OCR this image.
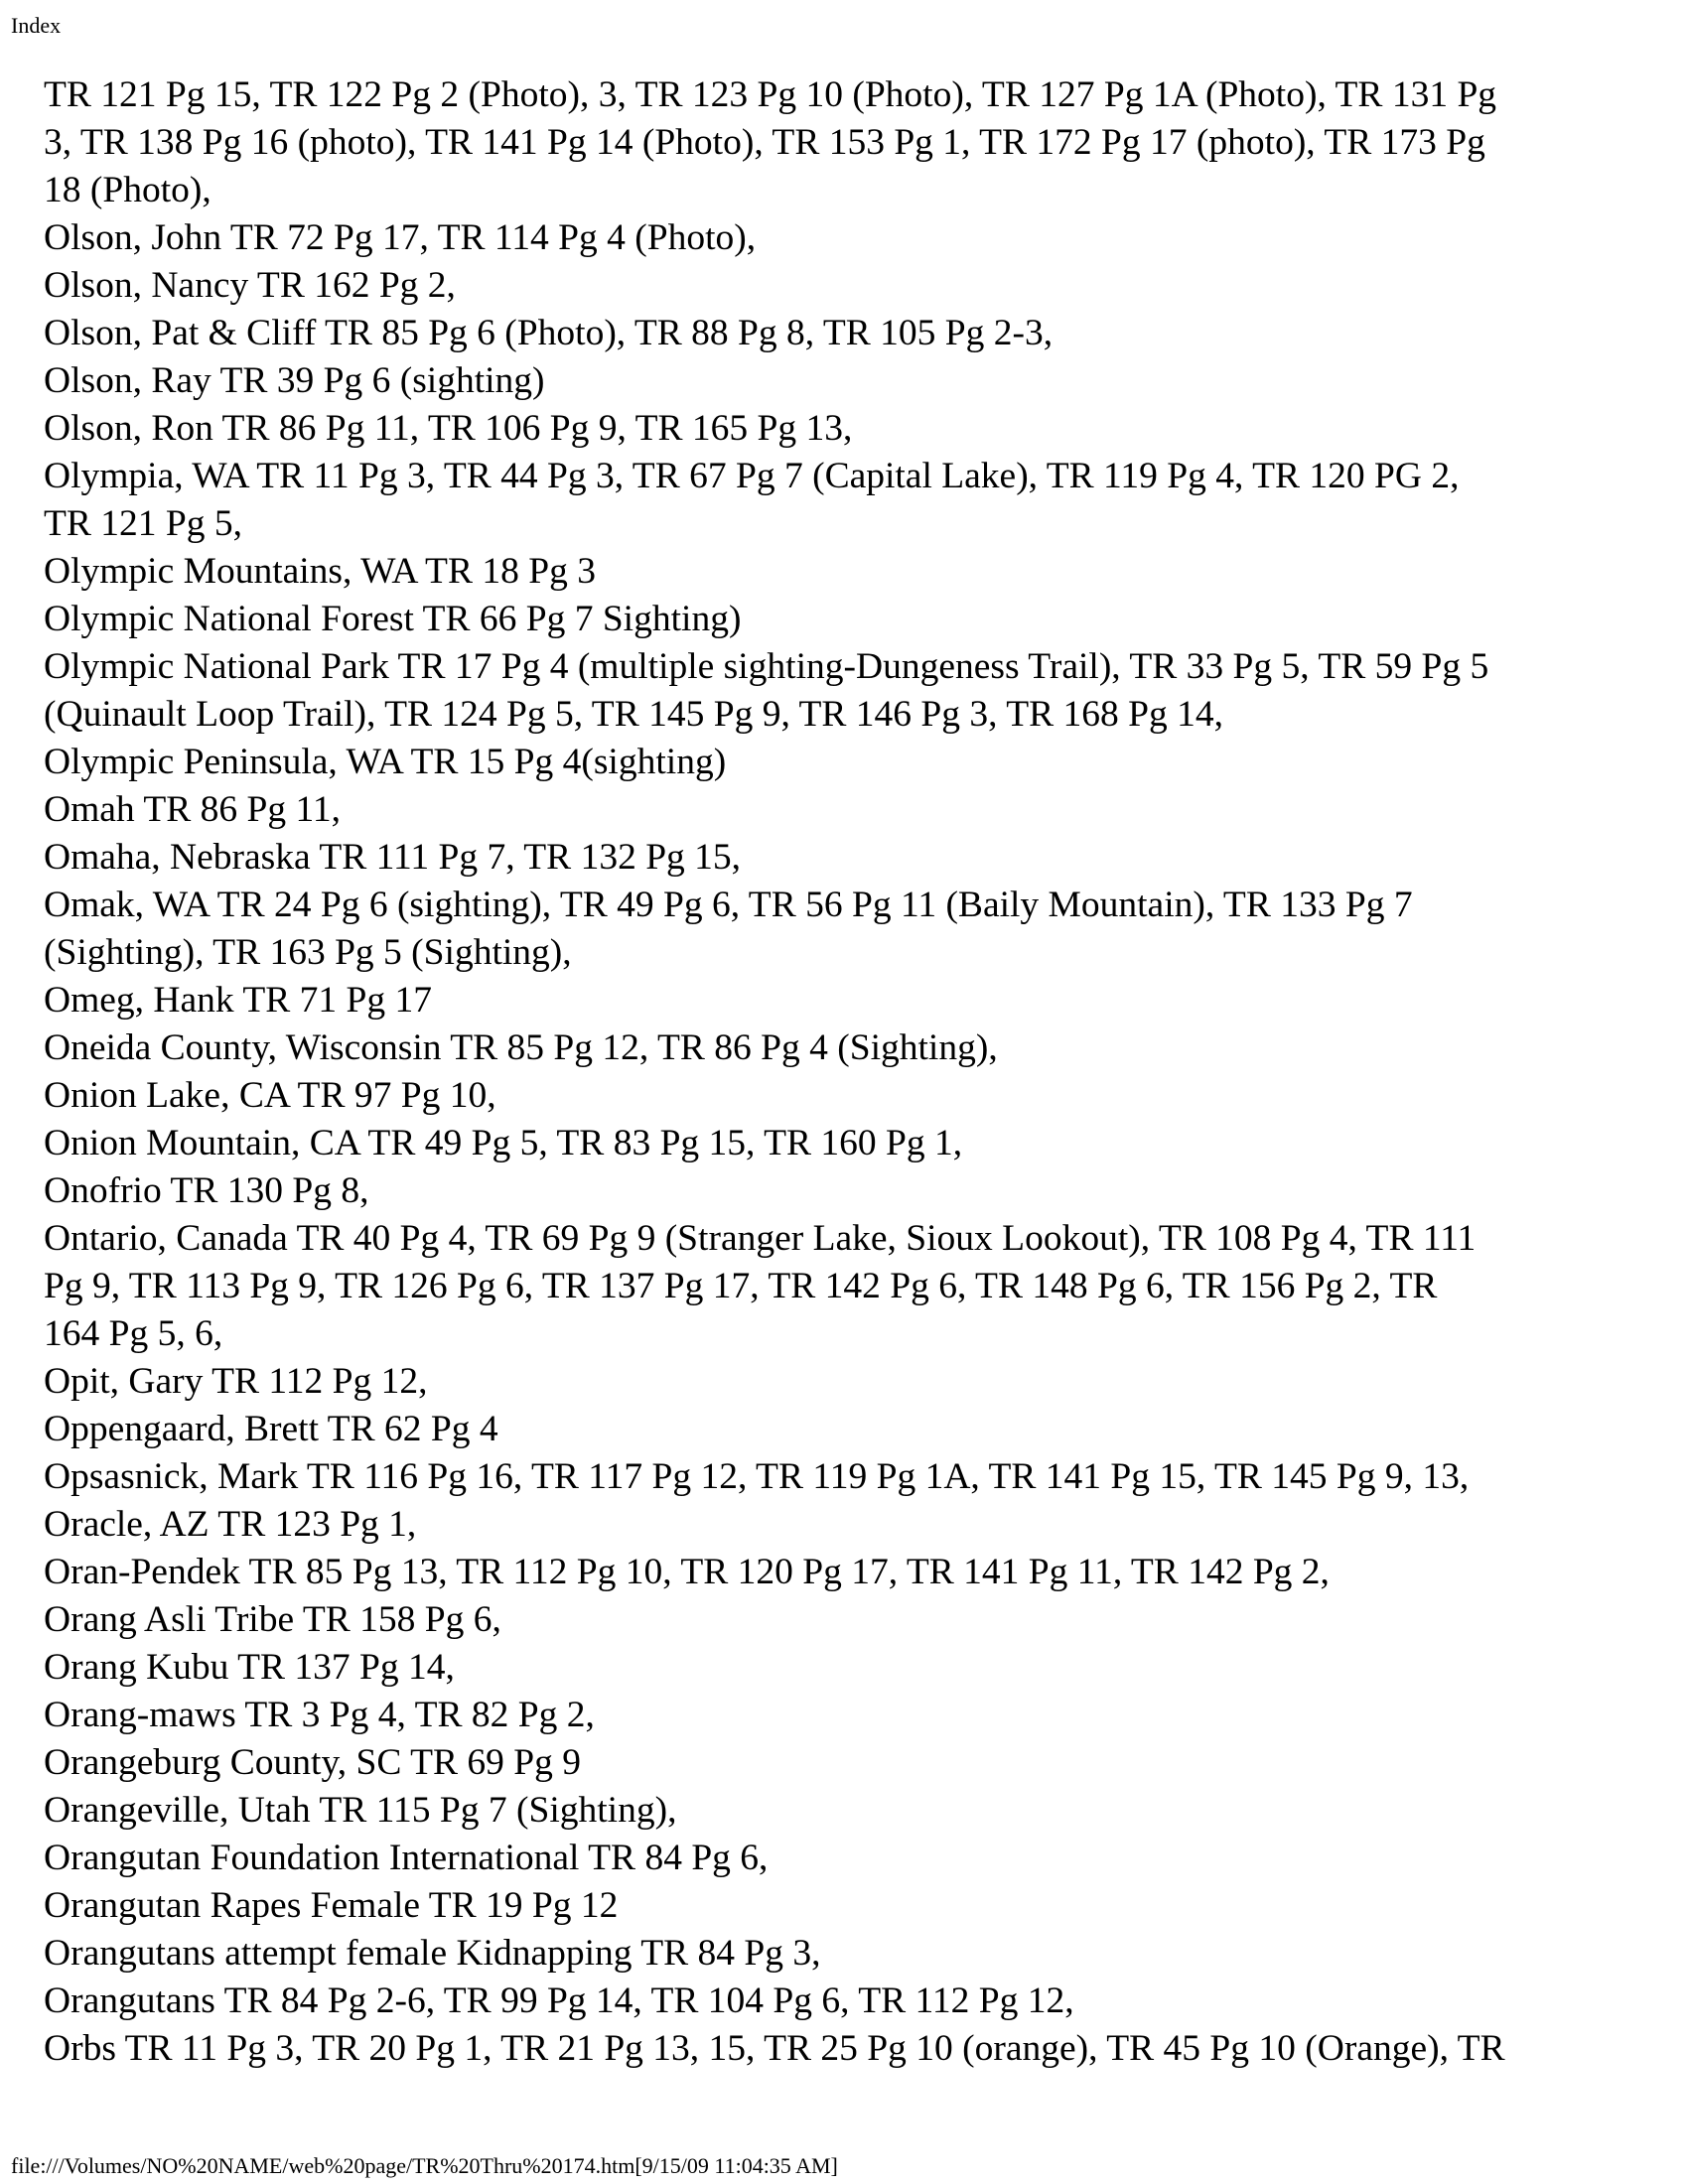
Index
TR 121 Pg 15, TR 122 Pg 2 (Photo), 3, TR 123 Pg 10 (Photo), TR 127 Pg 1A (Photo), TR 131 Pg
3, TR 138 Pg 16 (photo), TR 141 Pg 14 (Photo), TR 153 Pg 1, TR 172 Pg 17 (photo), TR 173 Pg
18 (Photo),
Olson, John TR 72 Pg 17, TR 114 Pg 4 (Photo),
Olson, Nancy TR 162 Pg 2,
Olson, Pat & Cliff TR 85 Pg 6 (Photo), TR 88 Pg 8, TR 105 Pg 2-3,
Olson, Ray TR 39 Pg 6 (sighting)
Olson, Ron TR 86 Pg 11, TR 106 Pg 9, TR 165 Pg 13,
Olympia, WA TR 11 Pg 3, TR 44 Pg 3, TR 67 Pg 7 (Capital Lake), TR 119 Pg 4, TR 120 PG 2,
TR 121 Pg 5,
Olympic Mountains, WA TR 18 Pg 3
Olympic National Forest TR 66 Pg 7 Sighting)
Olympic National Park TR 17 Pg 4 (multiple sighting-Dungeness Trail), TR 33 Pg 5, TR 59 Pg 5
(Quinault Loop Trail), TR 124 Pg 5, TR 145 Pg 9, TR 146 Pg 3, TR 168 Pg 14,
Olympic Peninsula, WA TR 15 Pg 4(sighting)
Omah TR 86 Pg 11,
Omaha, Nebraska TR 111 Pg 7, TR 132 Pg 15,
Omak, WA TR 24 Pg 6 (sighting), TR 49 Pg 6, TR 56 Pg 11 (Baily Mountain), TR 133 Pg 7
(Sighting), TR 163 Pg 5 (Sighting),
Omeg, Hank TR 71 Pg 17
Oneida County, Wisconsin TR 85 Pg 12, TR 86 Pg 4 (Sighting),
Onion Lake, CA TR 97 Pg 10,
Onion Mountain, CA TR 49 Pg 5, TR 83 Pg 15, TR 160 Pg 1,
Onofrio TR 130 Pg 8,
Ontario, Canada TR 40 Pg 4, TR 69 Pg 9 (Stranger Lake, Sioux Lookout), TR 108 Pg 4, TR 111
Pg 9, TR 113 Pg 9, TR 126 Pg 6, TR 137 Pg 17, TR 142 Pg 6, TR 148 Pg 6, TR 156 Pg 2, TR
164 Pg 5, 6,
Opit, Gary TR 112 Pg 12,
Oppengaard, Brett TR 62 Pg 4
Opsasnick, Mark TR 116 Pg 16, TR 117 Pg 12, TR 119 Pg 1A, TR 141 Pg 15, TR 145 Pg 9, 13,
Oracle, AZ TR 123 Pg 1,
Oran-Pendek TR 85 Pg 13, TR 112 Pg 10, TR 120 Pg 17, TR 141 Pg 11, TR 142 Pg 2,
Orang Asli Tribe TR 158 Pg 6,
Orang Kubu TR 137 Pg 14,
Orang-maws TR 3 Pg 4, TR 82 Pg 2,
Orangeburg County, SC TR 69 Pg 9
Orangeville, Utah TR 115 Pg 7 (Sighting),
Orangutan Foundation International TR 84 Pg 6,
Orangutan Rapes Female TR 19 Pg 12
Orangutans attempt female Kidnapping TR 84 Pg 3,
Orangutans TR 84 Pg 2-6, TR 99 Pg 14, TR 104 Pg 6, TR 112 Pg 12,
Orbs TR 11 Pg 3, TR 20 Pg 1, TR 21 Pg 13, 15, TR 25 Pg 10 (orange), TR 45 Pg 10 (Orange), TR
file:///Volumes/NO%20NAME/web%20page/TR%20Thru%20174.htm[9/15/09 11:04:35 AM]
